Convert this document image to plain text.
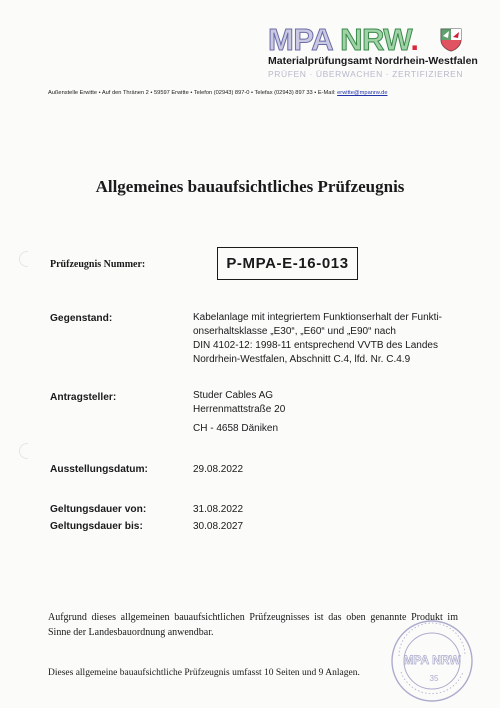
MPA NRW.
Materialprüfungsamt Nordrhein-Westfalen
PRÜFEN · ÜBERWACHEN · ZERTIFIZIEREN
Außenstelle Erwitte • Auf den Thränen 2 • 59597 Erwitte • Telefon (02943) 897-0 • Telefax (02943) 897 33 • E-Mail: erwitte@mpanrw.de
Allgemeines bauaufsichtliches Prüfzeugnis
Prüfzeugnis Nummer:	P-MPA-E-16-013
Gegenstand:	Kabelanlage mit integriertem Funktionserhalt der Funkti-
onserhaltsklasse „E30“, „E60“ und „E90“ nach
DIN 4102-12: 1998-11 entsprechend VVTB des Landes
Nordrhein-Westfalen, Abschnitt C.4, lfd. Nr. C.4.9
Antragsteller:	Studer Cables AG
Herrenmattstraße 20
CH - 4658 Däniken
Ausstellungsdatum:	29.08.2022
Geltungsdauer von:	31.08.2022
Geltungsdauer bis:	30.08.2027
Aufgrund dieses allgemeinen bauaufsichtlichen Prüfzeugnisses ist das oben genannte Produkt im Sinne der Landesbauordnung anwendbar.
Dieses allgemeine bauaufsichtliche Prüfzeugnis umfasst 10 Seiten und 9 Anlagen.
MPA NRW
35
